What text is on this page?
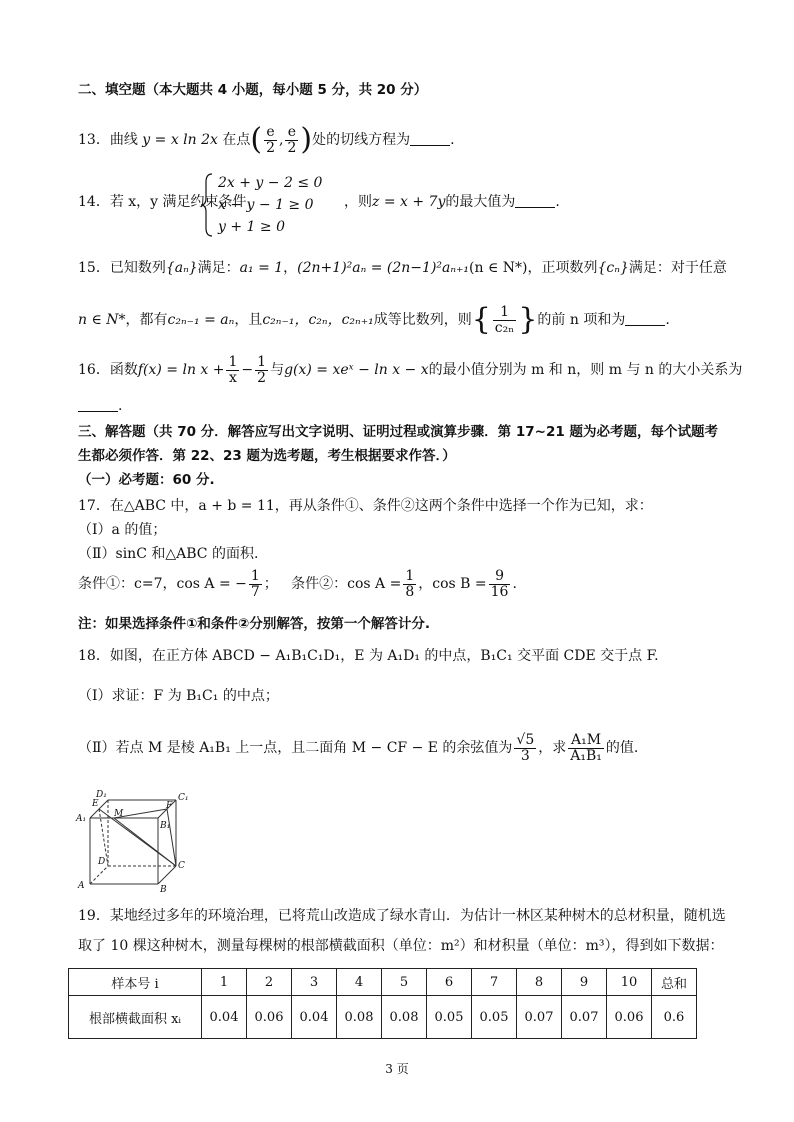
二、填空题（本大题共 4 小题，每小题 5 分，共 20 分）
13．曲线 y = x ln 2x 在点( $\frac{e}{2}$ , $\frac{e}{2}$ )处的切线方程为	.
14．若 x，y 满足约束条件
2x + y − 2 ≤ 0
x − y − 1 ≥ 0
y + 1 ≥ 0
，则z = x + 7y的最大值为	.
15．已知数列{aₙ}满足：a₁ = 1，(2n+1)²aₙ = (2n−1)²aₙ₊₁(n ∈ N*)，正项数列{cₙ}满足：对于任意
n ∈ N*，都有c₂ₙ₋₁ = aₙ，且c₂ₙ₋₁，c₂ₙ，c₂ₙ₊₁成等比数列，则{ $\frac{1}{\text{c₂ₙ}}$ }的前 n 项和为	.
16．函数$f(x) = \ln x + \frac{1}{x} - \frac{1}{2}$ 与g(x) = xeˣ − ln x − x的最小值分别为 m 和 n，则 m 与 n 的大小关系为
.
三、解答题（共 70 分．解答应写出文字说明、证明过程或演算步骤．第 17~21 题为必考题，每个试题考
生都必须作答．第 22、23 题为选考题，考生根据要求作答．）
（一）必考题：60 分.
17．在△ABC 中，a + b = 11，再从条件①、条件②这两个条件中选择一个作为已知，求：
（Ⅰ）a 的值；
（Ⅱ）sinC 和△ABC 的面积.
条件①：c=7，cos A = − $\frac{1}{7}$ ； 条件②：$\cos A = \frac{1}{8}$ ，$\cos B = \frac{9}{16}$ .
注：如果选择条件①和条件②分别解答，按第一个解答计分.
18．如图，在正方体 ABCD − A₁B₁C₁D₁，E 为 A₁D₁ 的中点，B₁C₁ 交平面 CDE 交于点 F.
（Ⅰ）求证：F 为 B₁C₁ 的中点；
（Ⅱ）若点 M 是棱 A₁B₁ 上一点，且二面角 M − CF − E 的余弦值为 $\frac{√5}{3}$ ，求 $\frac{\text{A₁M}}{\text{A₁B₁}}$ 的值.
E
D₁
A₁	M
C₁
B₁
F
D	C
A	B
19．某地经过多年的环境治理，已将荒山改造成了绿水青山．为估计一林区某种树木的总材积量，随机选
取了 10 棵这种树木，测量每棵树的根部横截面积（单位：m²）和材积量（单位：m³），得到如下数据：
样本号 i	1	2	3	4	5	6	7	8	9	10	总和
根部横截面积 xᵢ	0.04	0.06	0.04	0.08	0.08	0.05	0.05	0.07	0.07	0.06	0.6
3 页
